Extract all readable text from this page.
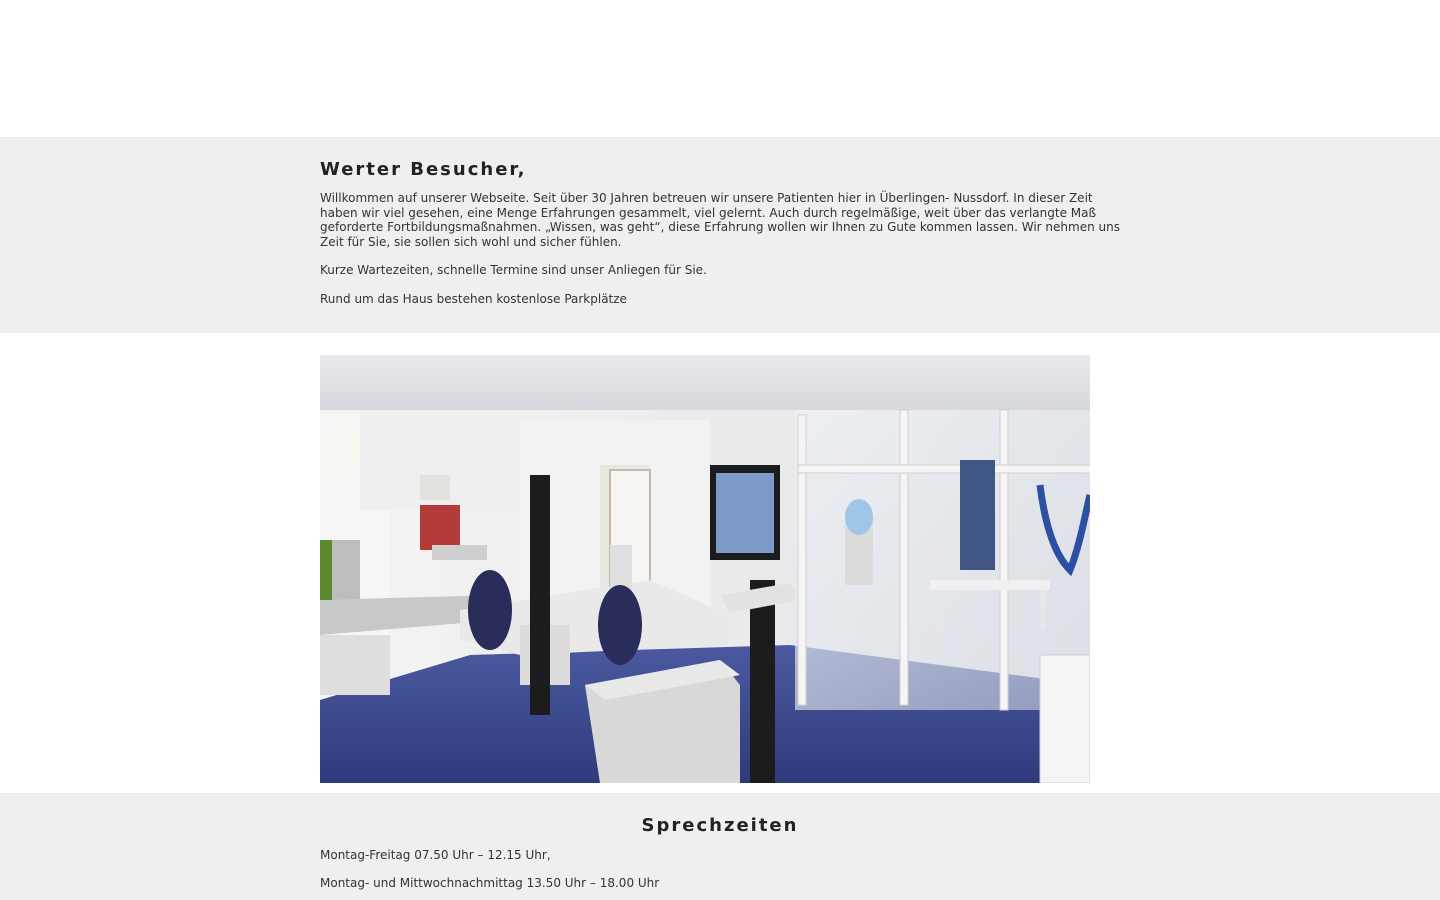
Werter Besucher,

Willkommen auf unserer Webseite. Seit über 30 Jahren betreuen wir unsere Patienten hier in Überlingen- Nussdorf. In dieser Zeit haben wir viel gesehen, eine Menge Erfahrungen gesammelt, viel gelernt. Auch durch regelmäßige, weit über das verlangte Maß geforderte Fortbildungsmaßnahmen. „Wissen, was geht“, diese Erfahrung wollen wir Ihnen zu Gute kommen lassen. Wir nehmen uns Zeit für Sie, sie sollen sich wohl und sicher fühlen.

Kurze Wartezeiten, schnelle Termine sind unser Anliegen für Sie.

Rund um das Haus bestehen kostenlose Parkplätze

Sprechzeiten

Montag-Freitag 07.50 Uhr – 12.15 Uhr,

Montag- und Mittwochnachmittag 13.50 Uhr – 18.00 Uhr
